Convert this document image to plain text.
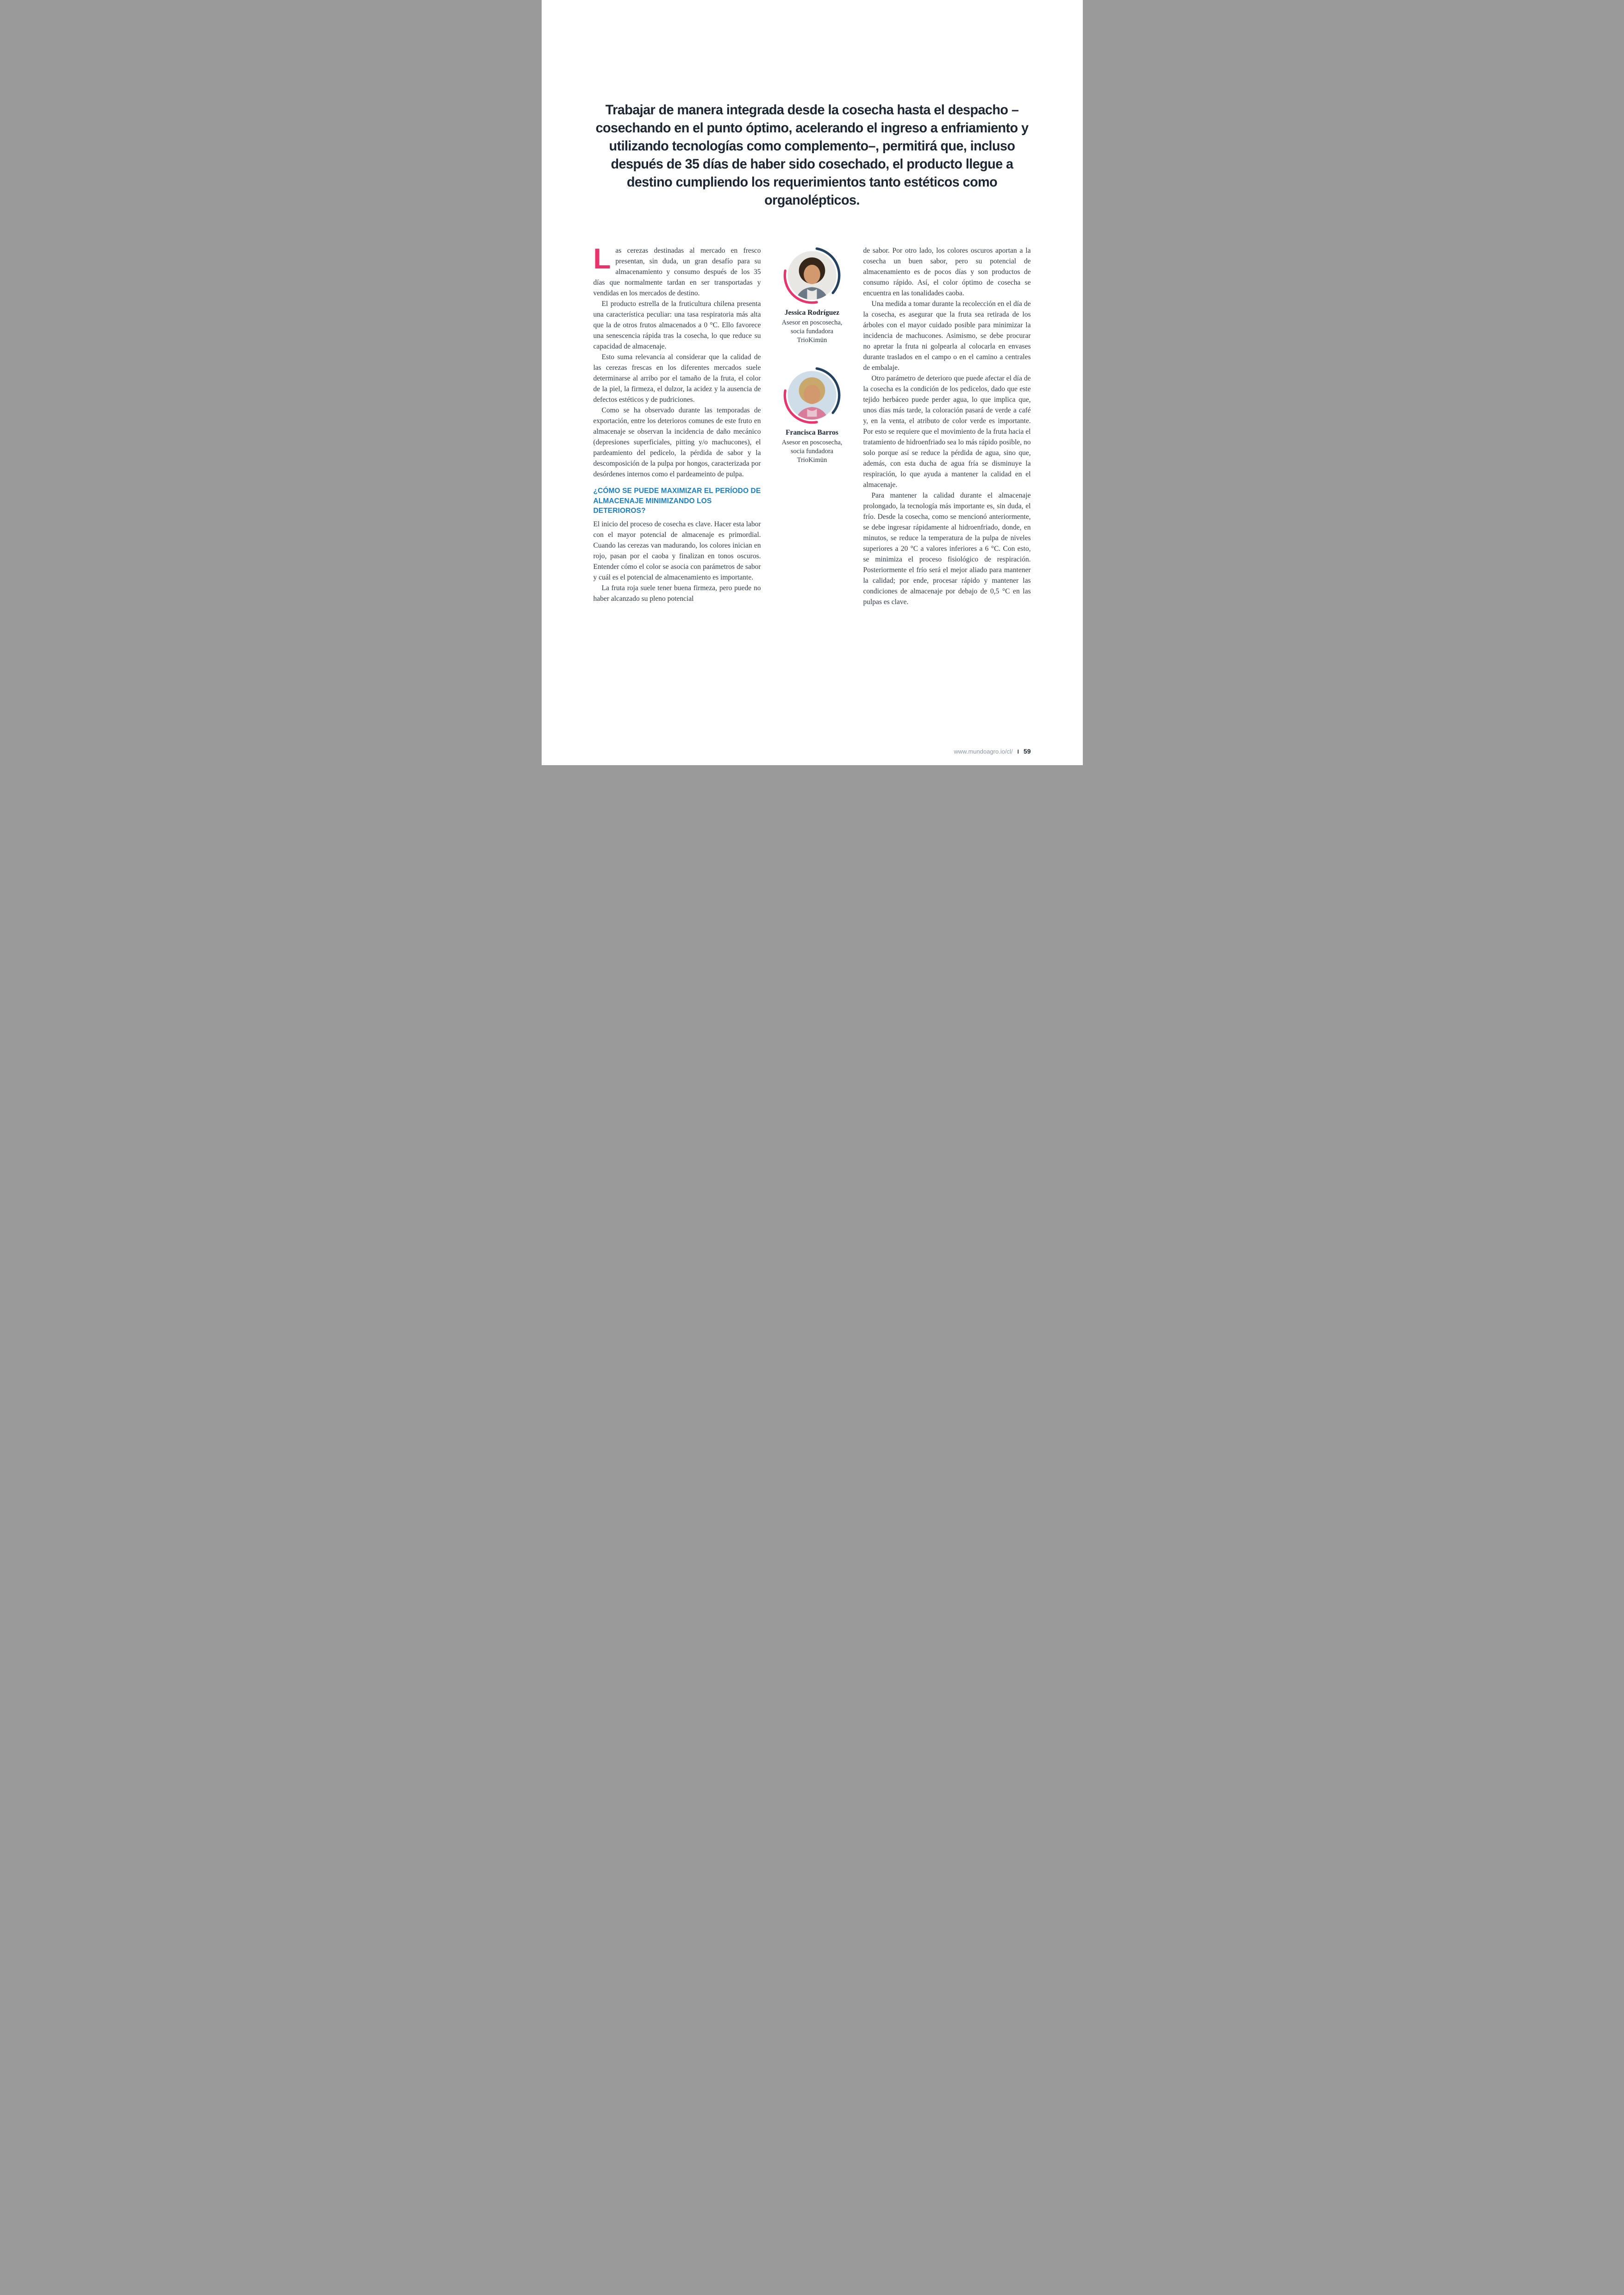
Trabajar de manera integrada desde la cosecha hasta el despacho –cosechando en el punto óptimo, acelerando el ingreso a enfriamiento y utilizando tecnologías como complemento–, permitirá que, incluso después de 35 días de haber sido cosechado, el producto llegue a destino cumpliendo los requerimientos tanto estéticos como organolépticos.

Las cerezas destinadas al mercado en fresco presentan, sin duda, un gran desafío para su almacenamiento y consumo después de los 35 días que normalmente tardan en ser transportadas y vendidas en los mercados de destino.

El producto estrella de la fruticultura chilena presenta una característica peculiar: una tasa respiratoria más alta que la de otros frutos almacenados a 0 °C. Ello favorece una senescencia rápida tras la cosecha, lo que reduce su capacidad de almacenaje.

Esto suma relevancia al considerar que la calidad de las cerezas frescas en los diferentes mercados suele determinarse al arribo por el tamaño de la fruta, el color de la piel, la firmeza, el dulzor, la acidez y la ausencia de defectos estéticos y de pudriciones.

Como se ha observado durante las temporadas de exportación, entre los deterioros comunes de este fruto en almacenaje se observan la incidencia de daño mecánico (depresiones superficiales, pitting y/o machucones), el pardeamiento del pedicelo, la pérdida de sabor y la descomposición de la pulpa por hongos, caracterizada por desórdenes internos como el pardeameinto de pulpa.

¿CÓMO SE PUEDE MAXIMIZAR EL PERÍODO DE ALMACENAJE MINIMIZANDO LOS DETERIOROS?

El inicio del proceso de cosecha es clave. Hacer esta labor con el mayor potencial de almacenaje es primordial. Cuando las cerezas van madurando, los colores inician en rojo, pasan por el caoba y finalizan en tonos oscuros. Entender cómo el color se asocia con parámetros de sabor y cuál es el potencial de almacenamiento es importante.

La fruta roja suele tener buena firmeza, pero puede no haber alcanzado su pleno potencial

Jessica Rodríguez
Asesor en poscosecha, socia fundadora TrioKimün
Francisca Barros
Asesor en poscosecha, socia fundadora TrioKimün

de sabor. Por otro lado, los colores oscuros aportan a la cosecha un buen sabor, pero su potencial de almacenamiento es de pocos días y son productos de consumo rápido. Así, el color óptimo de cosecha se encuentra en las tonalidades caoba.

Una medida a tomar durante la recolección en el día de la cosecha, es asegurar que la fruta sea retirada de los árboles con el mayor cuidado posible para minimizar la incidencia de machucones. Asimismo, se debe procurar no apretar la fruta ni golpearla al colocarla en envases durante traslados en el campo o en el camino a centrales de embalaje.

Otro parámetro de deterioro que puede afectar el día de la cosecha es la condición de los pedicelos, dado que este tejido herbáceo puede perder agua, lo que implica que, unos días más tarde, la coloración pasará de verde a café y, en la venta, el atributo de color verde es importante. Por esto se requiere que el movimiento de la fruta hacia el tratamiento de hidroenfriado sea lo más rápido posible, no solo porque así se reduce la pérdida de agua, sino que, además, con esta ducha de agua fría se disminuye la respiración, lo que ayuda a mantener la calidad en el almacenaje.

Para mantener la calidad durante el almacenaje prolongado, la tecnología más importante es, sin duda, el frío. Desde la cosecha, como se mencionó anteriormente, se debe ingresar rápidamente al hidroenfriado, donde, en minutos, se reduce la temperatura de la pulpa de niveles superiores a 20 °C a valores inferiores a 6 °C. Con esto, se minimiza el proceso fisiológico de respiración. Posteriormente el frío será el mejor aliado para mantener la calidad; por ende, procesar rápido y mantener las condiciones de almacenaje por debajo de 0,5 °C en las pulpas es clave.

www.mundoagro.io/cl/ I 59
